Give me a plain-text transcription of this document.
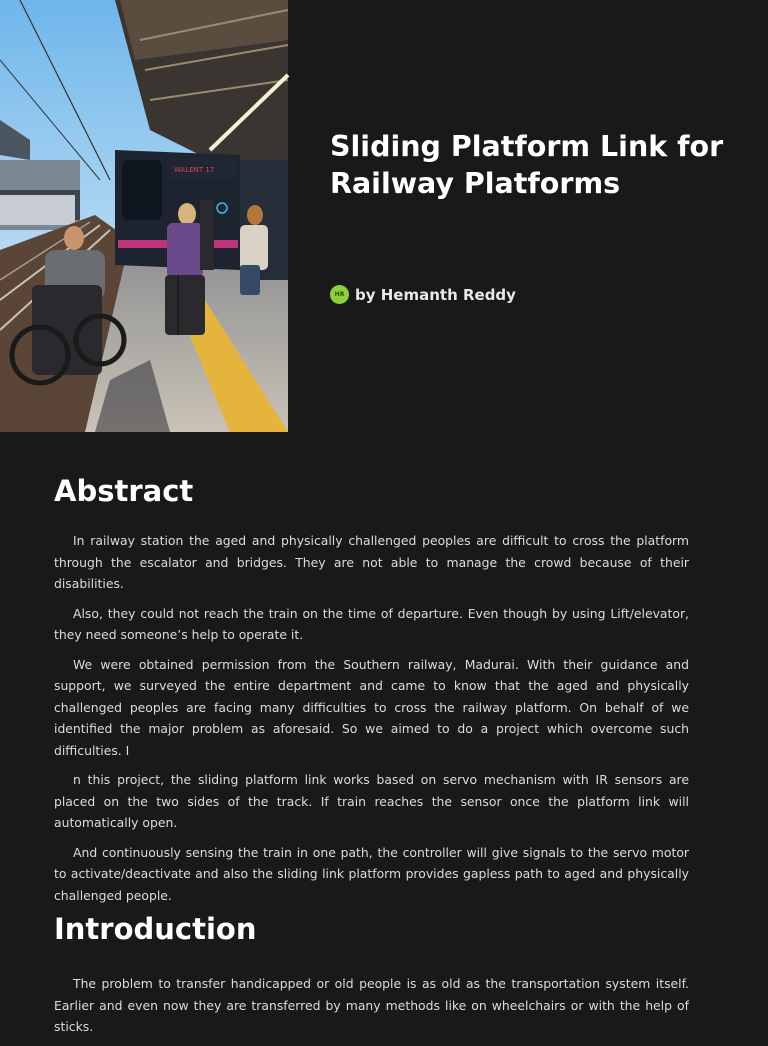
WALENT 17
Sliding Platform Link for Railway Platforms
HR by Hemanth Reddy
Abstract

In railway station the aged and physically challenged peoples are difficult to cross the platform through the escalator and bridges. They are not able to manage the crowd because of their disabilities.

Also, they could not reach the train on the time of departure. Even though by using Lift/elevator, they need someone’s help to operate it.

We were obtained permission from the Southern railway, Madurai. With their guidance and support, we surveyed the entire department and came to know that the aged and physically challenged peoples are facing many difficulties to cross the railway platform. On behalf of we identified the major problem as aforesaid. So we aimed to do a project which overcome such difficulties. I

n this project, the sliding platform link works based on servo mechanism with IR sensors are placed on the two sides of the track. If train reaches the sensor once the platform link will automatically open.

And continuously sensing the train in one path, the controller will give signals to the servo motor to activate/deactivate and also the sliding link platform provides gapless path to aged and physically challenged people.

Introduction

The problem to transfer handicapped or old people is as old as the transportation system itself. Earlier and even now they are transferred by many methods like on wheelchairs or with the help of sticks.
